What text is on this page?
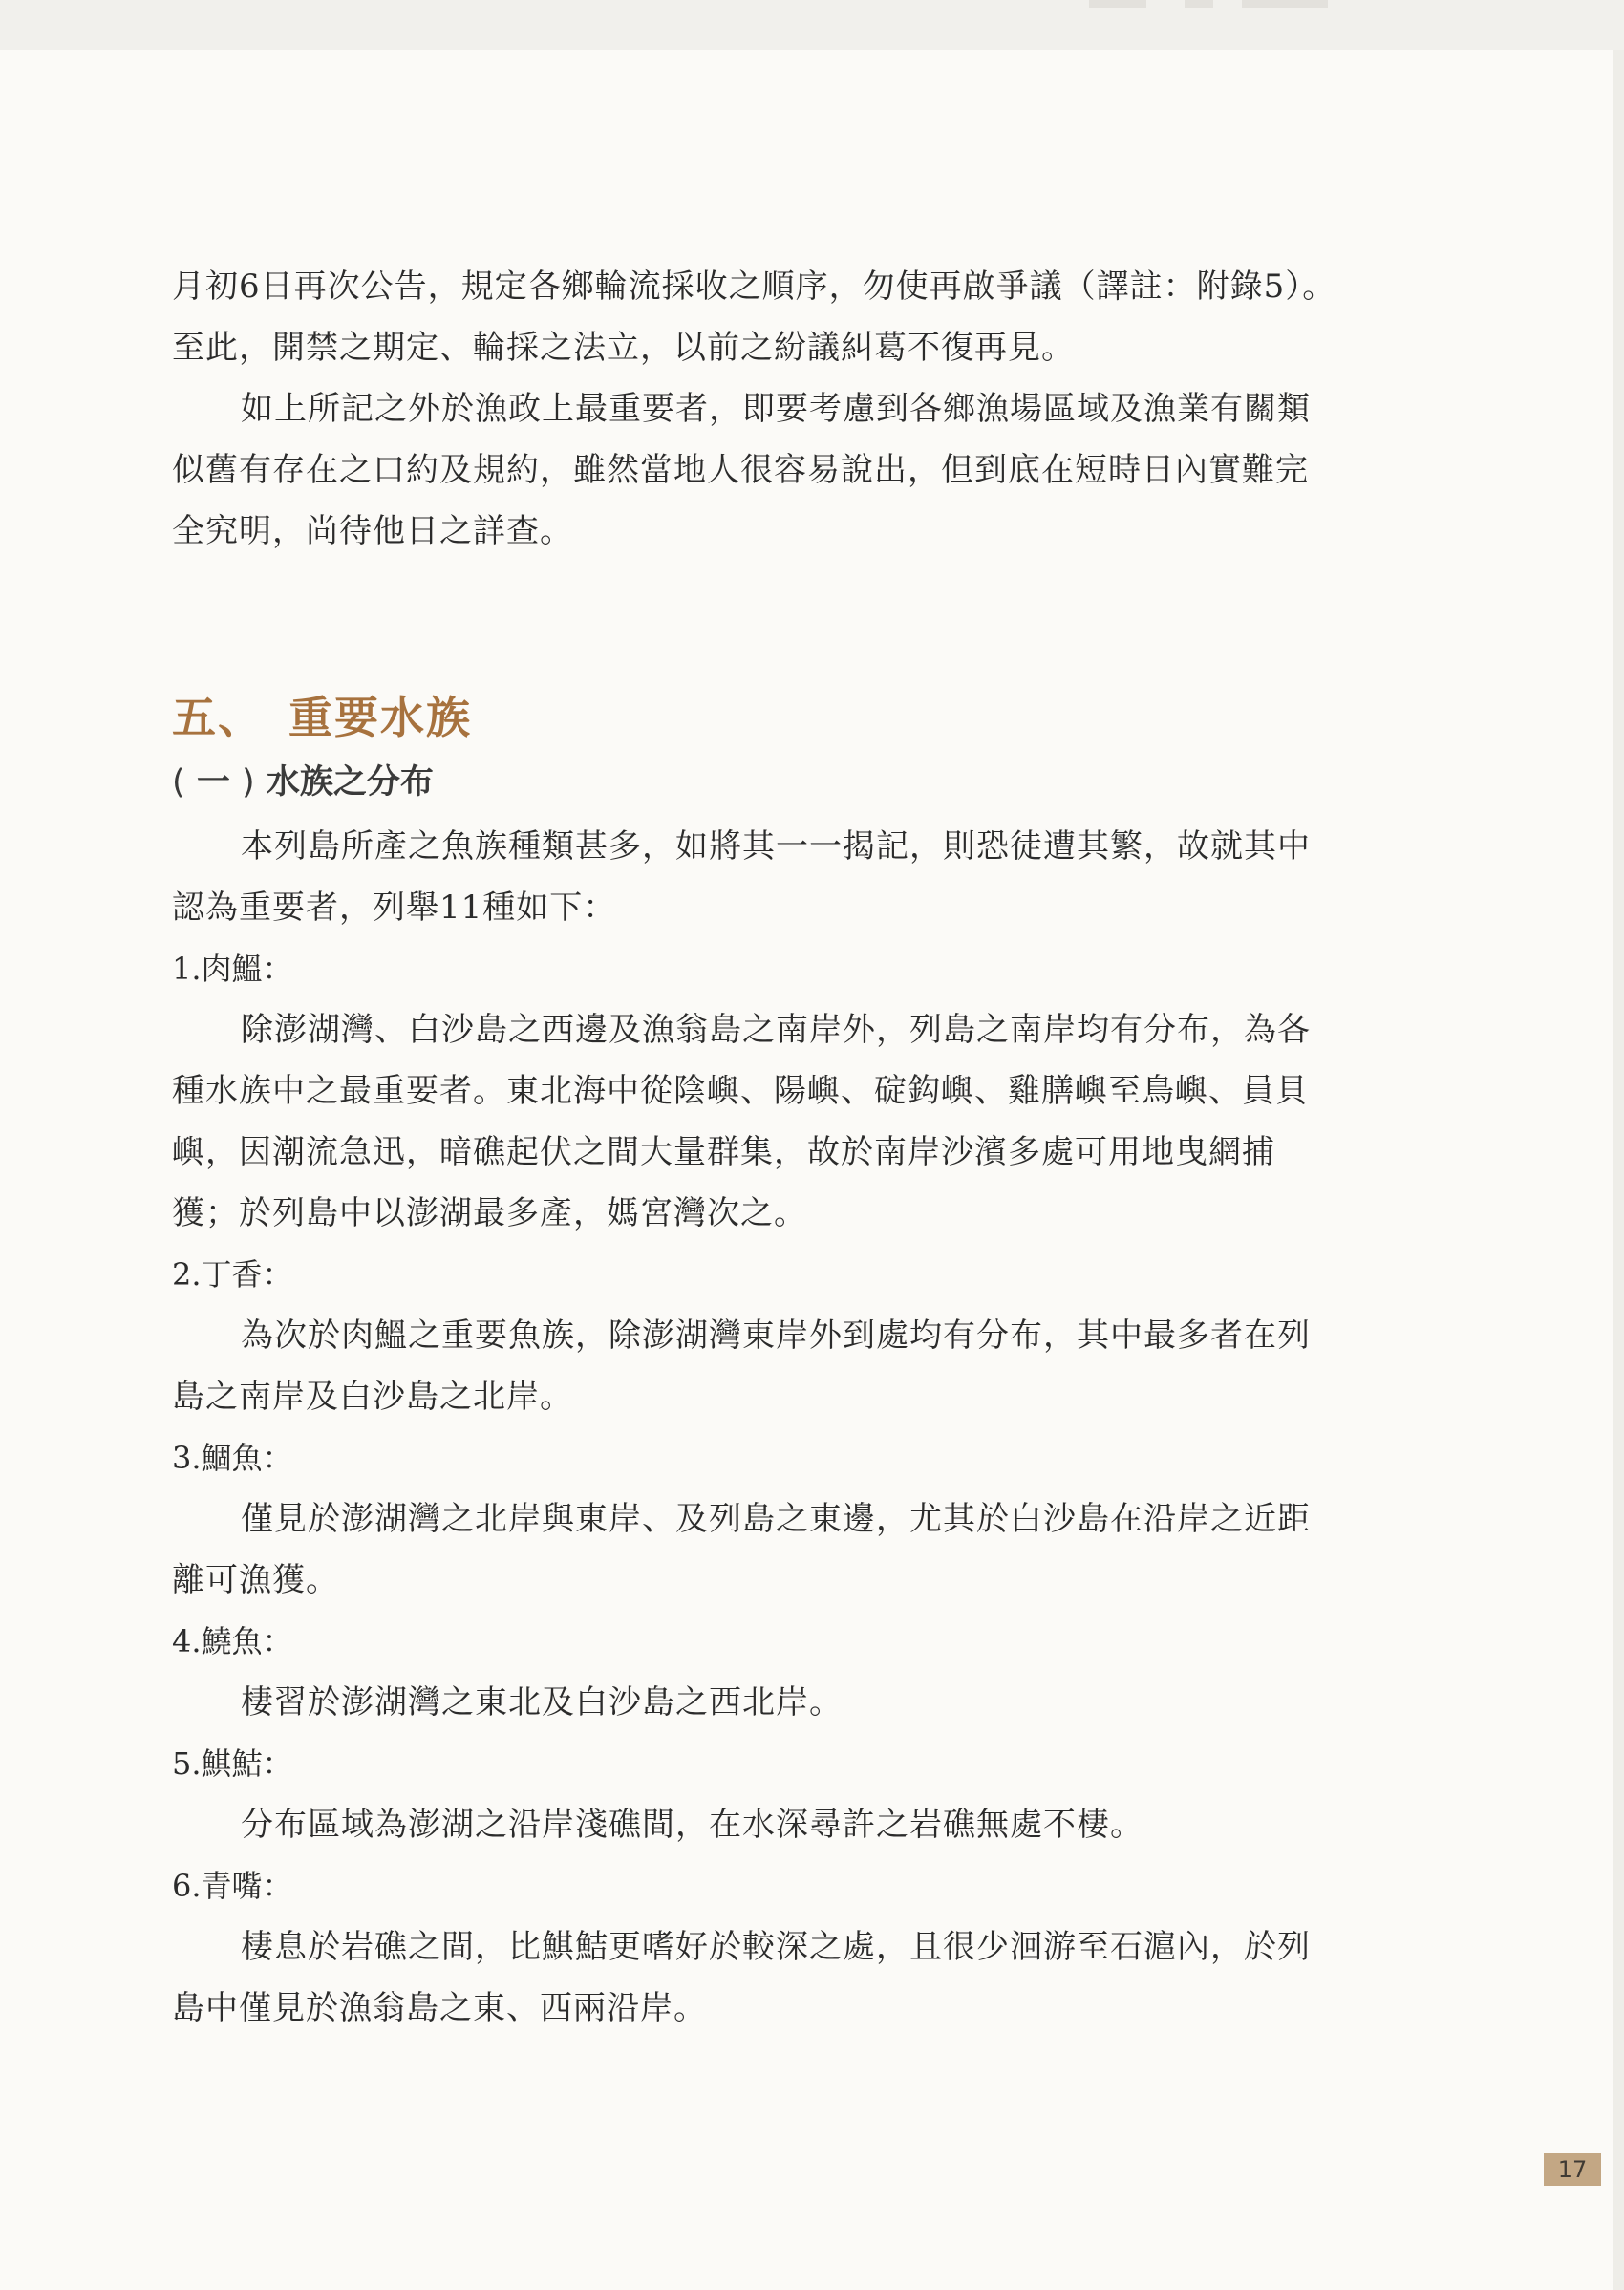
月初6日再次公告，規定各鄉輪流採收之順序，勿使再啟爭議（譯註：附錄5）。

至此，開禁之期定、輪採之法立，以前之紛議糾葛不復再見。

如上所記之外於漁政上最重要者，即要考慮到各鄉漁場區域及漁業有關類

似舊有存在之口約及規約，雖然當地人很容易說出，但到底在短時日內實難完

全究明，尚待他日之詳查。

五、 重要水族
( 一 ) 水族之分布

本列島所產之魚族種類甚多，如將其一一揭記，則恐徒遭其繁，故就其中

認為重要者，列舉11種如下：

1.肉鰮：

除澎湖灣、白沙島之西邊及漁翁島之南岸外，列島之南岸均有分布，為各

種水族中之最重要者。東北海中從陰嶼、陽嶼、碇鈎嶼、雞膳嶼至鳥嶼、員貝

嶼，因潮流急迅，暗礁起伏之間大量群集，故於南岸沙濱多處可用地曳網捕

獲；於列島中以澎湖最多產，媽宮灣次之。

2.丁香：

為次於肉鰮之重要魚族，除澎湖灣東岸外到處均有分布，其中最多者在列

島之南岸及白沙島之北岸。

3.鯝魚：

僅見於澎湖灣之北岸與東岸、及列島之東邊，尤其於白沙島在沿岸之近距

離可漁獲。

4.鱙魚：

棲習於澎湖灣之東北及白沙島之西北岸。

5.鯕鮚：

分布區域為澎湖之沿岸淺礁間，在水深尋許之岩礁無處不棲。

6.青嘴：

棲息於岩礁之間，比鯕鮚更嗜好於較深之處，且很少洄游至石滬內，於列

島中僅見於漁翁島之東、西兩沿岸。

17
